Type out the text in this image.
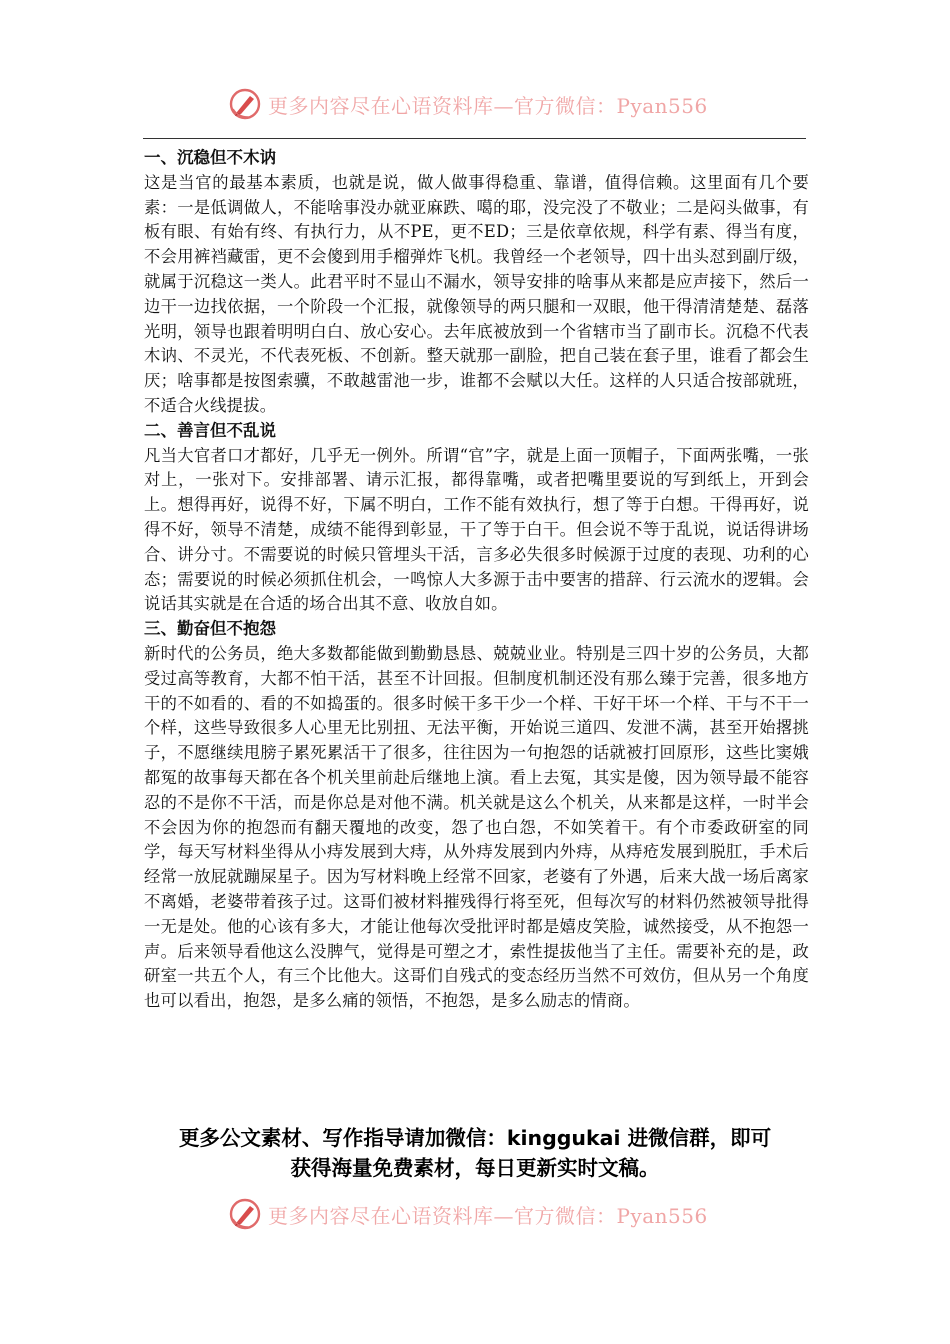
更多内容尽在心语资料库—官方微信：Pyan556
一、沉稳但不木讷

这是当官的最基本素质，也就是说，做人做事得稳重、靠谱，值得信赖。这里面有几个要素：一是低调做人，不能啥事没办就亚麻跌、噶的耶，没完没了不敬业；二是闷头做事，有板有眼、有始有终、有执行力，从不PE，更不ED；三是依章依规，科学有素、得当有度，不会用裤裆藏雷，更不会傻到用手榴弹炸飞机。我曾经一个老领导，四十出头怼到副厅级，就属于沉稳这一类人。此君平时不显山不漏水，领导安排的啥事从来都是应声接下，然后一边干一边找依据，一个阶段一个汇报，就像领导的两只腿和一双眼，他干得清清楚楚、磊落光明，领导也跟着明明白白、放心安心。去年底被放到一个省辖市当了副市长。沉稳不代表木讷、不灵光，不代表死板、不创新。整天就那一副脸，把自己装在套子里，谁看了都会生厌；啥事都是按图索骥，不敢越雷池一步，谁都不会赋以大任。这样的人只适合按部就班，不适合火线提拔。

二、善言但不乱说

凡当大官者口才都好，几乎无一例外。所谓“官”字，就是上面一顶帽子，下面两张嘴，一张对上，一张对下。安排部署、请示汇报，都得靠嘴，或者把嘴里要说的写到纸上，开到会上。想得再好，说得不好，下属不明白，工作不能有效执行，想了等于白想。干得再好，说得不好，领导不清楚，成绩不能得到彰显，干了等于白干。但会说不等于乱说，说话得讲场合、讲分寸。不需要说的时候只管埋头干活，言多必失很多时候源于过度的表现、功利的心态；需要说的时候必须抓住机会，一鸣惊人大多源于击中要害的措辞、行云流水的逻辑。会说话其实就是在合适的场合出其不意、收放自如。

三、勤奋但不抱怨

新时代的公务员，绝大多数都能做到勤勤恳恳、兢兢业业。特别是三四十岁的公务员，大都受过高等教育，大都不怕干活，甚至不计回报。但制度机制还没有那么臻于完善，很多地方干的不如看的、看的不如捣蛋的。很多时候干多干少一个样、干好干坏一个样、干与不干一个样，这些导致很多人心里无比别扭、无法平衡，开始说三道四、发泄不满，甚至开始撂挑子，不愿继续甩膀子累死累活干了很多，往往因为一句抱怨的话就被打回原形，这些比窦娥都冤的故事每天都在各个机关里前赴后继地上演。看上去冤，其实是傻，因为领导最不能容忍的不是你不干活，而是你总是对他不满。机关就是这么个机关，从来都是这样，一时半会不会因为你的抱怨而有翻天覆地的改变，怨了也白怨，不如笑着干。有个市委政研室的同学，每天写材料坐得从小痔发展到大痔，从外痔发展到内外痔，从痔疮发展到脱肛，手术后经常一放屁就蹦屎星子。因为写材料晚上经常不回家，老婆有了外遇，后来大战一场后离家不离婚，老婆带着孩子过。这哥们被材料摧残得行将至死，但每次写的材料仍然被领导批得一无是处。他的心该有多大，才能让他每次受批评时都是嬉皮笑脸，诚然接受，从不抱怨一声。后来领导看他这么没脾气，觉得是可塑之才，索性提拔他当了主任。需要补充的是，政研室一共五个人，有三个比他大。这哥们自残式的变态经历当然不可效仿，但从另一个角度也可以看出，抱怨，是多么痛的领悟，不抱怨，是多么励志的情商。

更多公文素材、写作指导请加微信：kinggukai 进微信群，即可
获得海量免费素材，每日更新实时文稿。
更多内容尽在心语资料库—官方微信：Pyan556
